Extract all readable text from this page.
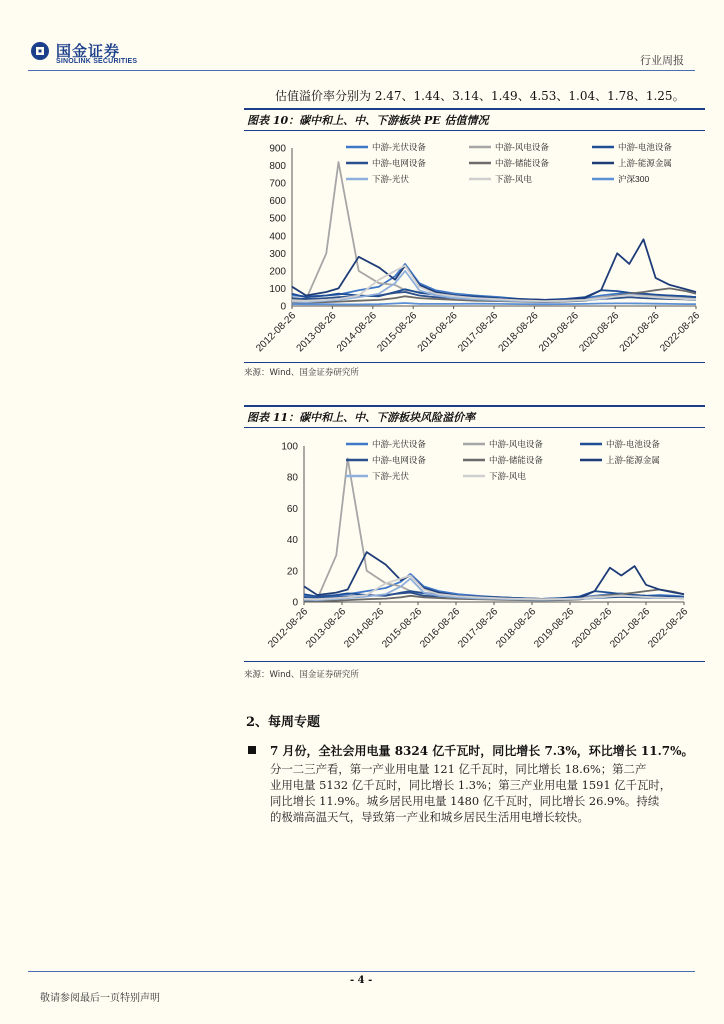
国金证券
SINOLINK SECURITIES	行业周报
估值溢价率分别为 2.47、1.44、3.14、1.49、4.53、1.04、1.78、1.25。
图表 10：碳中和上、中、下游板块 PE 估值情况
0
100
200
300
400
500
600
700
800
900
2012-08-26
2013-08-26
2014-08-26
2015-08-26
2016-08-26
2017-08-26
2018-08-26
2019-08-26
2020-08-26
2021-08-26
2022-08-26
中游-光伏设备	中游-风电设备	中游-电池设备
中游-电网设备	中游-储能设备	上游-能源金属
下游-光伏	下游-风电	沪深300
来源：Wind、国金证券研究所
图表 11：碳中和上、中、下游板块风险溢价率
0
20
40
60
80
100
2012-08-26
2013-08-26
2014-08-26
2015-08-26
2016-08-26
2017-08-26
2018-08-26
2019-08-26
2020-08-26
2021-08-26
2022-08-26
中游-光伏设备	中游-风电设备	中游-电池设备
中游-电网设备	中游-储能设备	上游-能源金属
下游-光伏	下游-风电
来源：Wind、国金证券研究所
2、每周专题
7 月份，全社会用电量 8324 亿千瓦时，同比增长 7.3%，环比增长 11.7%。
分一二三产看，第一产业用电量 121 亿千瓦时，同比增长 18.6%；第二产
业用电量 5132 亿千瓦时，同比增长 1.3%；第三产业用电量 1591 亿千瓦时，
同比增长 11.9%。城乡居民用电量 1480 亿千瓦时，同比增长 26.9%。持续
的极端高温天气，导致第一产业和城乡居民生活用电增长较快。
- 4 -
敬请参阅最后一页特别声明
